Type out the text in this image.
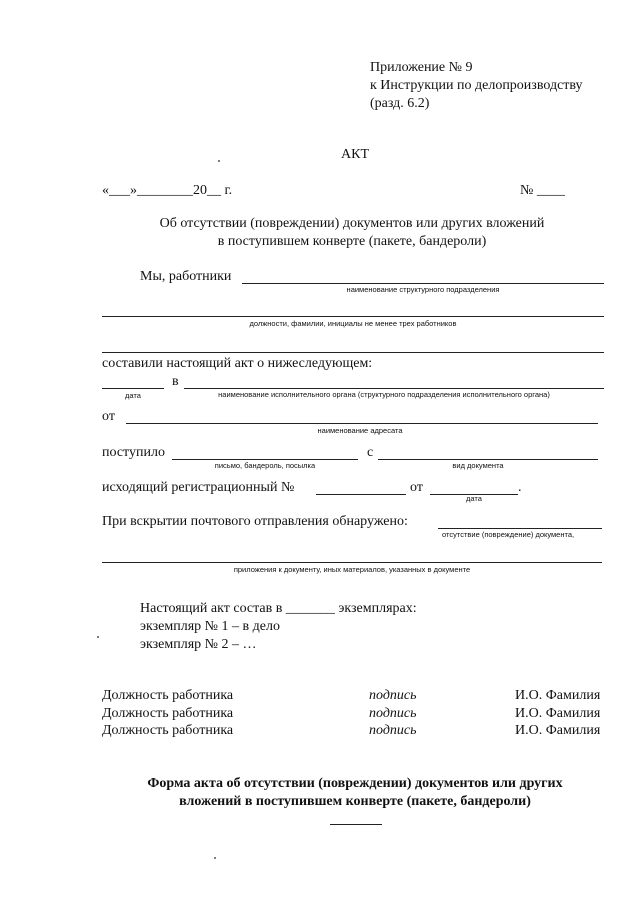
Приложение № 9
к Инструкции по делопроизводству
(разд. 6.2)
АКТ
«___»________20__ г.	№ ____
Об отсутствии (повреждении) документов или других вложений
в поступившем конверте (пакете, бандероли)
Мы, работники
наименование структурного подразделения
должности, фамилии, инициалы не менее трех работников
составили настоящий акт о нижеследующем:
в
дата	наименование исполнительного органа (структурного подразделения исполнительного органа)
от
наименование адресата
поступило
письмо, бандероль, посылка
с
вид документа
исходящий регистрационный №	от	.
дата
При вскрытии почтового отправления обнаружено:
отсутствие (повреждение) документа,
приложения к документу, иных материалов, указанных в документе
Настоящий акт состав в _______ экземплярах:
экземпляр № 1 – в дело
экземпляр № 2 – …
Должность работника	подпись	И.О. Фамилия
Должность работника	подпись	И.О. Фамилия
Должность работника	подпись	И.О. Фамилия
Форма акта об отсутствии (повреждении) документов или других
вложений в поступившем конверте (пакете, бандероли)
